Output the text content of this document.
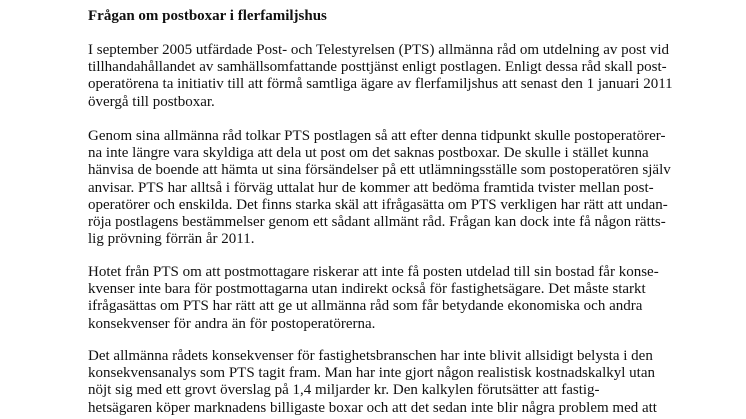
Frågan om postboxar i flerfamiljshus

I september 2005 utfärdade Post- och Telestyrelsen (PTS) allmänna råd om utdelning av post vid
tillhandahållandet av samhällsomfattande posttjänst enligt postlagen. Enligt dessa råd skall post-
operatörena ta initiativ till att förmå samtliga ägare av flerfamiljshus att senast den 1 januari 2011
övergå till postboxar.

Genom sina allmänna råd tolkar PTS postlagen så att efter denna tidpunkt skulle postoperatörer-
na inte längre vara skyldiga att dela ut post om det saknas postboxar. De skulle i stället kunna
hänvisa de boende att hämta ut sina försändelser på ett utlämningsställe som postoperatören själv
anvisar. PTS har alltså i förväg uttalat hur de kommer att bedöma framtida tvister mellan post-
operatörer och enskilda. Det finns starka skäl att ifrågasätta om PTS verkligen har rätt att undan-
röja postlagens bestämmelser genom ett sådant allmänt råd. Frågan kan dock inte få någon rätts-
lig prövning förrän år 2011.

Hotet från PTS om att postmottagare riskerar att inte få posten utdelad till sin bostad får konse-
kvenser inte bara för postmottagarna utan indirekt också för fastighetsägare. Det måste starkt
ifrågasättas om PTS har rätt att ge ut allmänna råd som får betydande ekonomiska och andra
konsekvenser för andra än för postoperatörerna.

Det allmänna rådets konsekvenser för fastighetsbranschen har inte blivit allsidigt belysta i den
konsekvensanalys som PTS tagit fram. Man har inte gjort någon realistisk kostnadskalkyl utan
nöjt sig med ett grovt överslag på 1,4 miljarder kr. Den kalkylen förutsätter att fastig-
hetsägaren köper marknadens billigaste boxar och att det sedan inte blir några problem med att
